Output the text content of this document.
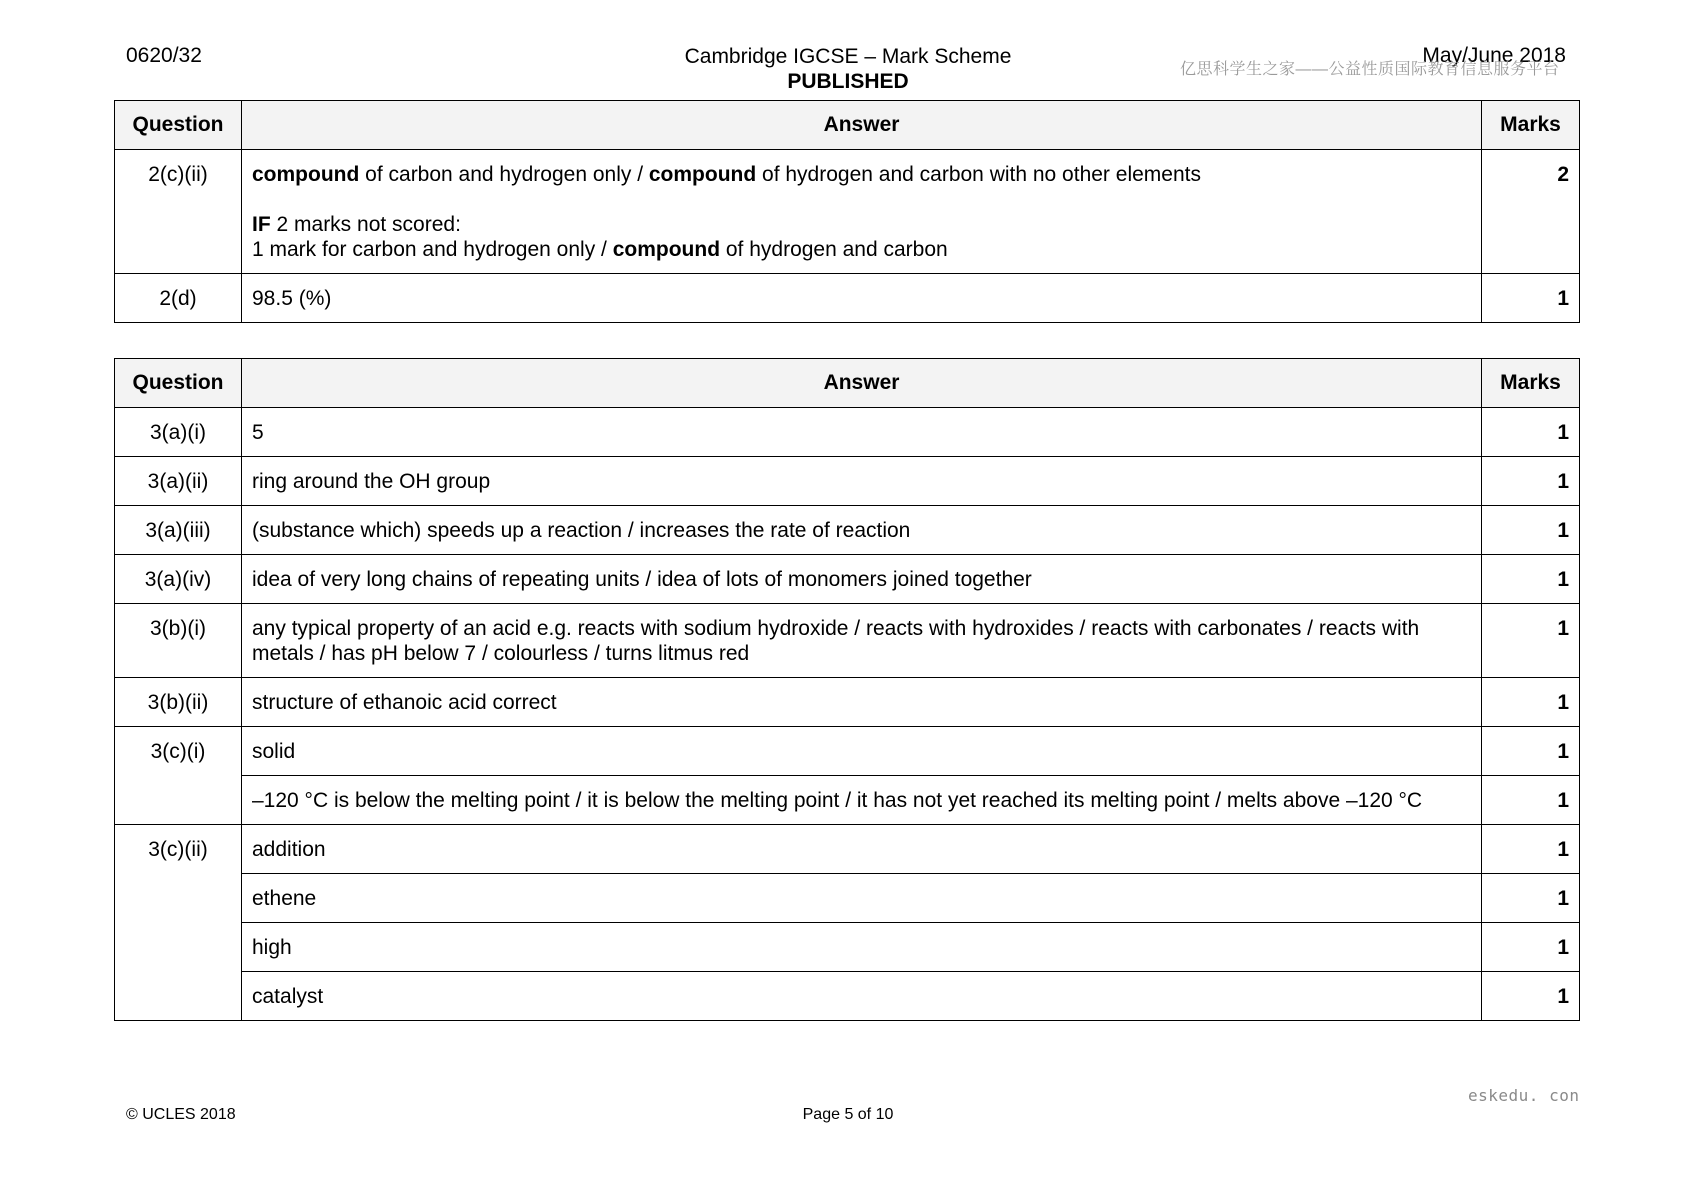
0620/32	Cambridge IGCSE – Mark Scheme
PUBLISHED
May/June 2018
亿思科学生之家——公益性质国际教育信息服务平台
Question	Answer	Marks
2(c)(ii)	compound of carbon and hydrogen only / compound of hydrogen and carbon with no other elements

IF 2 marks not scored:

1 mark for carbon and hydrogen only / compound of hydrogen and carbon	2
2(d)	98.5 (%)	1
Question	Answer	Marks
3(a)(i)	5	1
3(a)(ii)	ring around the OH group	1
3(a)(iii)	(substance which) speeds up a reaction / increases the rate of reaction	1
3(a)(iv)	idea of very long chains of repeating units / idea of lots of monomers joined together	1
3(b)(i)	any typical property of an acid e.g. reacts with sodium hydroxide / reacts with hydroxides / reacts with carbonates / reacts with metals / has pH below 7 / colourless / turns litmus red	1
3(b)(ii)	structure of ethanoic acid correct	1
3(c)(i)	solid	1
	–120 °C is below the melting point / it is below the melting point / it has not yet reached its melting point / melts above –120 °C	1
3(c)(ii)	addition	1
	ethene	1
	high	1
	catalyst	1
eskedu. con
© UCLES 2018	Page 5 of 10
